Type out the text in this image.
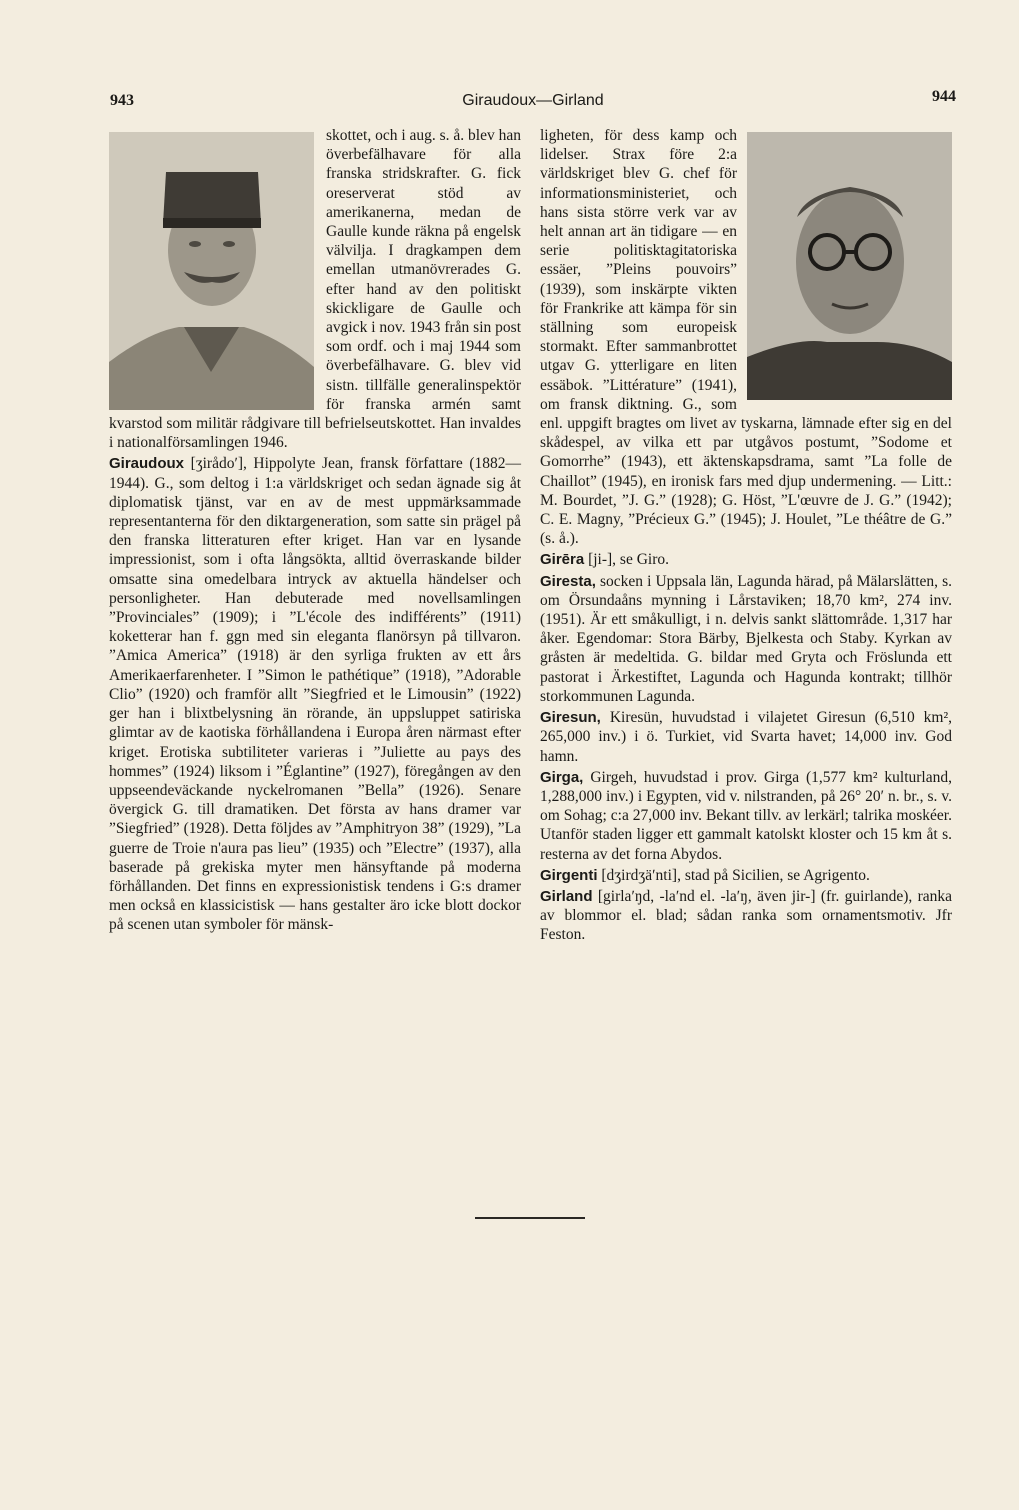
943	Giraudoux—Girland	944

skottet, och i aug. s. å. blev han överbefälhavare för alla franska stridskrafter. G. fick oreserverat stöd av amerikanerna, medan de Gaulle kunde räkna på engelsk välvilja. I dragkampen dem emellan utmanövrerades G. efter hand av den politiskt skickligare de Gaulle och avgick i nov. 1943 från sin post som ordf. och i maj 1944 som överbefälhavare. G. blev vid sistn. tillfälle generalinspektör för franska armén samt kvarstod som militär rådgivare till befrielseutskottet. Han invaldes i nationalförsamlingen 1946.

Giraudoux [ʒirådoʹ], Hippolyte Jean, fransk författare (1882—1944). G., som deltog i 1:a världskriget och sedan ägnade sig åt diplomatisk tjänst, var en av de mest uppmärksammade representanterna för den diktargeneration, som satte sin prägel på den franska litteraturen efter kriget. Han var en lysande impressionist, som i ofta långsökta, alltid överraskande bilder omsatte sina omedelbara intryck av aktuella händelser och personligheter. Han debuterade med novellsamlingen ”Provinciales” (1909); i ”L'école des indifférents” (1911) koketterar han f. ggn med sin eleganta flanörsyn på tillvaron. ”Amica America” (1918) är den syrliga frukten av ett års Amerikaerfarenheter. I ”Simon le pathétique” (1918), ”Adorable Clio” (1920) och framför allt ”Siegfried et le Limousin” (1922) ger han i blixtbelysning än rörande, än uppsluppet satiriska glimtar av de kaotiska förhållandena i Europa åren närmast efter kriget. Erotiska subtiliteter varieras i ”Juliette au pays des hommes” (1924) liksom i ”Églantine” (1927), föregången av den uppseendeväckande nyckelromanen ”Bella” (1926). Senare övergick G. till dramatiken. Det första av hans dramer var ”Siegfried” (1928). Detta följdes av ”Amphitryon 38” (1929), ”La guerre de Troie n'aura pas lieu” (1935) och ”Electre” (1937), alla baserade på grekiska myter men hänsyftande på moderna förhållanden. Det finns en expressionistisk tendens i G:s dramer men också en klassicistisk — hans gestalter äro icke blott dockor på scenen utan symboler för mänsk-

ligheten, för dess kamp och lidelser. Strax före 2:a världskriget blev G. chef för informationsministeriet, och hans sista större verk var av helt annan art än tidigare — en serie politisktagitatoriska essäer, ”Pleins pouvoirs” (1939), som inskärpte vikten för Frankrike att kämpa för sin ställning som europeisk stormakt. Efter sammanbrottet utgav G. ytterligare en liten essäbok. ”Littérature” (1941), om fransk diktning. G., som enl. uppgift bragtes om livet av tyskarna, lämnade efter sig en del skådespel, av vilka ett par utgåvos postumt, ”Sodome et Gomorrhe” (1943), ett äktenskapsdrama, samt ”La folle de Chaillot” (1945), en ironisk fars med djup undermening. — Litt.: M. Bourdet, ”J. G.” (1928); G. Höst, ”L'œuvre de J. G.” (1942); C. E. Magny, ”Précieux G.” (1945); J. Houlet, ”Le théâtre de G.” (s. å.).

Girēra [ji-], se Giro.

Giresta, socken i Uppsala län, Lagunda härad, på Mälarslätten, s. om Örsundaåns mynning i Lårstaviken; 18,70 km², 274 inv. (1951). Är ett småkulligt, i n. delvis sankt slättområde. 1,317 har åker. Egendomar: Stora Bärby, Bjelkesta och Staby. Kyrkan av gråsten är medeltida. G. bildar med Gryta och Fröslunda ett pastorat i Ärkestiftet, Lagunda och Hagunda kontrakt; tillhör storkommunen Lagunda.

Giresun, Kiresün, huvudstad i vilajetet Giresun (6,510 km², 265,000 inv.) i ö. Turkiet, vid Svarta havet; 14,000 inv. God hamn.

Girga, Girgeh, huvudstad i prov. Girga (1,577 km² kulturland, 1,288,000 inv.) i Egypten, vid v. nilstranden, på 26° 20′ n. br., s. v. om Sohag; c:a 27,000 inv. Bekant tillv. av lerkärl; talrika moskéer. Utanför staden ligger ett gammalt katolskt kloster och 15 km åt s. resterna av det forna Abydos.

Girgenti [dʒirdʒäʹnti], stad på Sicilien, se Agrigento.

Girland [girlaʹŋd, -laʹnd el. -laʹŋ, även jir-] (fr. guirlande), ranka av blommor el. blad; sådan ranka som ornamentsmotiv. Jfr Feston.
